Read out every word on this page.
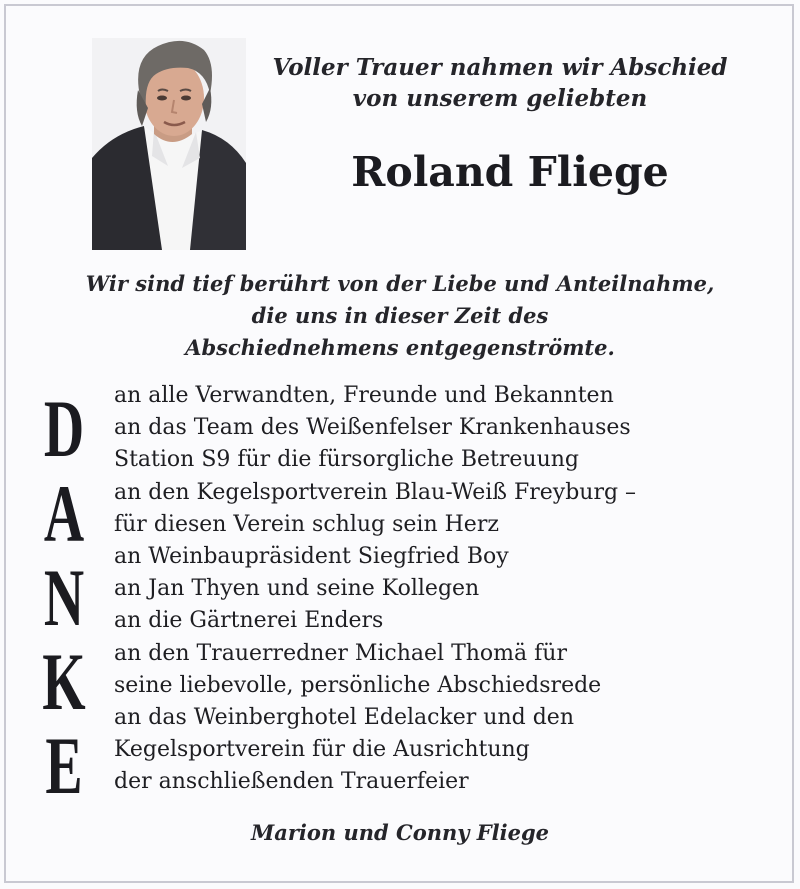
Voller Trauer nahmen wir Abschied
von unserem geliebten
Roland Fliege
Wir sind tief berührt von der Liebe und Anteilnahme,
die uns in dieser Zeit des
Abschiednehmens entgegenströmte.
D
A
N
K
E
an alle Verwandten, Freunde und Bekannten
an das Team des Weißenfelser Krankenhauses
Station S9 für die fürsorgliche Betreuung
an den Kegelsportverein Blau-Weiß Freyburg –
für diesen Verein schlug sein Herz
an Weinbaupräsident Siegfried Boy
an Jan Thyen und seine Kollegen
an die Gärtnerei Enders
an den Trauerredner Michael Thomä für
seine liebevolle, persönliche Abschiedsrede
an das Weinberghotel Edelacker und den
Kegelsportverein für die Ausrichtung
der anschließenden Trauerfeier
Marion und Conny Fliege
